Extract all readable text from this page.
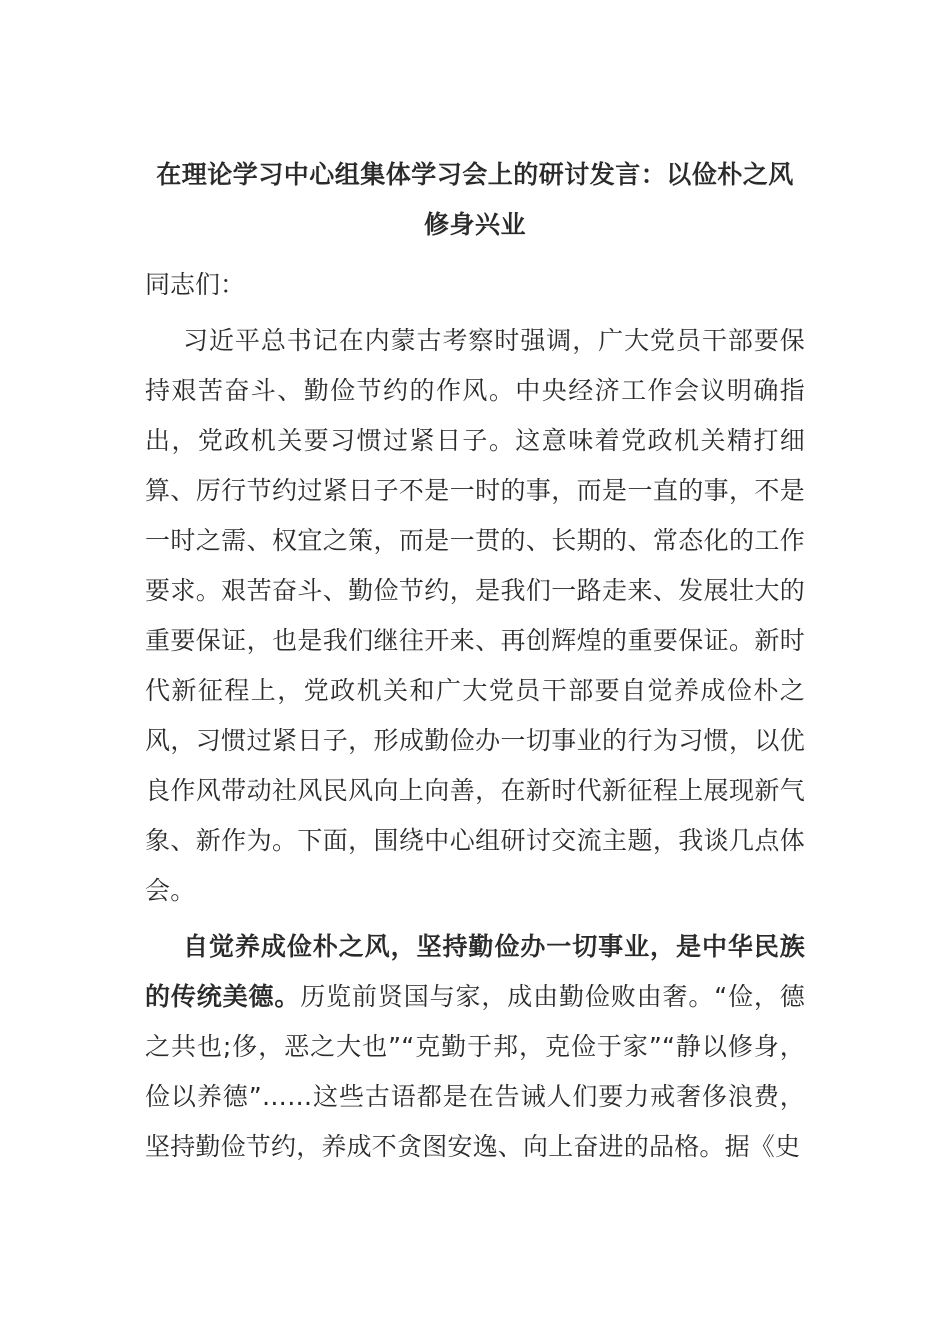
在理论学习中心组集体学习会上的研讨发言：以俭朴之风修身兴业

同志们：

习近平总书记在内蒙古考察时强调，广大党员干部要保持艰苦奋斗、勤俭节约的作风。中央经济工作会议明确指出，党政机关要习惯过紧日子。这意味着党政机关精打细算、厉行节约过紧日子不是一时的事，而是一直的事，不是一时之需、权宜之策，而是一贯的、长期的、常态化的工作要求。艰苦奋斗、勤俭节约，是我们一路走来、发展壮大的重要保证，也是我们继往开来、再创辉煌的重要保证。新时代新征程上，党政机关和广大党员干部要自觉养成俭朴之风，习惯过紧日子，形成勤俭办一切事业的行为习惯，以优良作风带动社风民风向上向善，在新时代新征程上展现新气象、新作为。下面，围绕中心组研讨交流主题，我谈几点体会。

自觉养成俭朴之风，坚持勤俭办一切事业，是中华民族的传统美德。历览前贤国与家，成由勤俭败由奢。“俭，德之共也;侈，恶之大也”“克勤于邦，克俭于家”“静以修身，俭以养德”……这些古语都是在告诫人们要力戒奢侈浪费，坚持勤俭节约，养成不贪图安逸、向上奋进的品格。据《史
